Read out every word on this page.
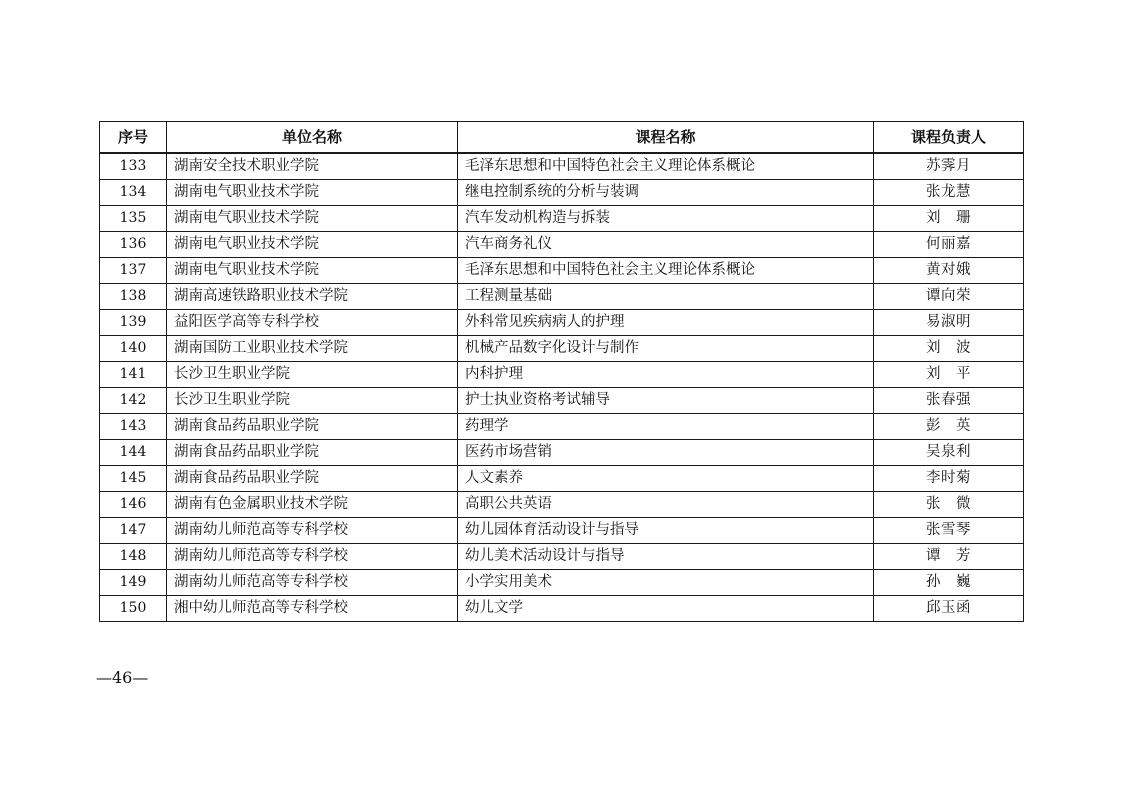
序号	单位名称	课程名称	课程负责人
133	湖南安全技术职业学院	毛泽东思想和中国特色社会主义理论体系概论	苏霁月
134	湖南电气职业技术学院	继电控制系统的分析与装调	张龙慧
135	湖南电气职业技术学院	汽车发动机构造与拆装	刘　珊
136	湖南电气职业技术学院	汽车商务礼仪	何丽嘉
137	湖南电气职业技术学院	毛泽东思想和中国特色社会主义理论体系概论	黄对娥
138	湖南高速铁路职业技术学院	工程测量基础	谭向荣
139	益阳医学高等专科学校	外科常见疾病病人的护理	易淑明
140	湖南国防工业职业技术学院	机械产品数字化设计与制作	刘　波
141	长沙卫生职业学院	内科护理	刘　平
142	长沙卫生职业学院	护士执业资格考试辅导	张春强
143	湖南食品药品职业学院	药理学	彭　英
144	湖南食品药品职业学院	医药市场营销	吴泉利
145	湖南食品药品职业学院	人文素养	李时菊
146	湖南有色金属职业技术学院	高职公共英语	张　微
147	湖南幼儿师范高等专科学校	幼儿园体育活动设计与指导	张雪琴
148	湖南幼儿师范高等专科学校	幼儿美术活动设计与指导	谭　芳
149	湖南幼儿师范高等专科学校	小学实用美术	孙　巍
150	湘中幼儿师范高等专科学校	幼儿文学	邱玉函
—46—
